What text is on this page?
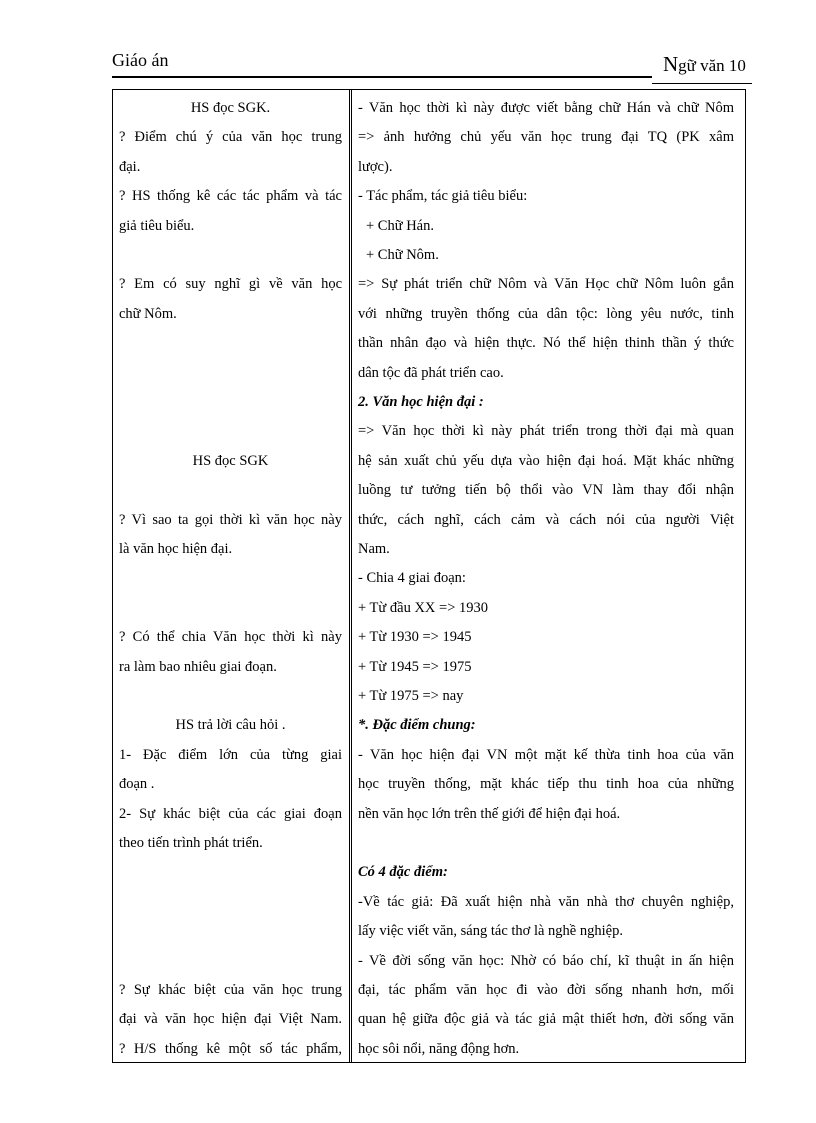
Giáo án	Ngữ văn 10
HS đọc SGK.
? Điểm chú ý của văn học trung
đại.
? HS thống kê các tác phẩm và tác
giả tiêu biểu.
? Em có suy nghĩ gì về văn học
chữ Nôm.
HS đọc SGK
? Vì sao ta gọi thời kì văn học này
là văn học hiện đại.
? Có thể chia Văn học thời kì này
ra làm bao nhiêu giai đoạn.
HS trả lời câu hỏi .
1- Đặc điểm lớn của từng giai
đoạn .
2- Sự khác biệt của các giai đoạn
theo tiến trình phát triển.
? Sự khác biệt của văn học trung
đại và văn học hiện đại Việt Nam.
? H/S thống kê một số tác phẩm,
- Văn học thời kì này được viết bằng chữ Hán và chữ Nôm
=> ảnh hưởng chủ yếu văn học trung đại TQ (PK xâm
lược).
- Tác phẩm, tác giả tiêu biểu:
+ Chữ Hán.
+ Chữ Nôm.
=> Sự phát triển chữ Nôm và Văn Học chữ Nôm luôn gắn
với những truyền thống của dân tộc: lòng yêu nước, tinh
thần nhân đạo và hiện thực. Nó thể hiện thinh thần ý thức
dân tộc đã phát triển cao.
2. Văn học hiện đại :
=> Văn học thời kì này phát triển trong thời đại mà quan
hệ sản xuất chủ yếu dựa vào hiện đại hoá. Mặt khác những
luồng tư tưởng tiến bộ thổi vào VN làm thay đổi nhận
thức, cách nghĩ, cách cảm và cách nói của người Việt
Nam.
- Chia 4 giai đoạn:
+ Từ đầu XX => 1930
+ Từ 1930 => 1945
+ Từ 1945 => 1975
+ Từ 1975 => nay
*. Đặc điểm chung:
- Văn học hiện đại VN một mặt kế thừa tinh hoa của văn
học truyền thống, mặt khác tiếp thu tinh hoa của những
nền văn học lớn trên thế giới để hiện đại hoá.
Có 4 đặc điểm:
-Về tác giả: Đã xuất hiện nhà văn nhà thơ chuyên nghiệp,
lấy việc viết văn, sáng tác thơ là nghề nghiệp.
- Về đời sống văn học: Nhờ có báo chí, kĩ thuật in ấn hiện
đại, tác phẩm văn học đi vào đời sống nhanh hơn, mối
quan hệ giữa độc giả và tác giả mật thiết hơn, đời sống văn
học sôi nổi, năng động hơn.
